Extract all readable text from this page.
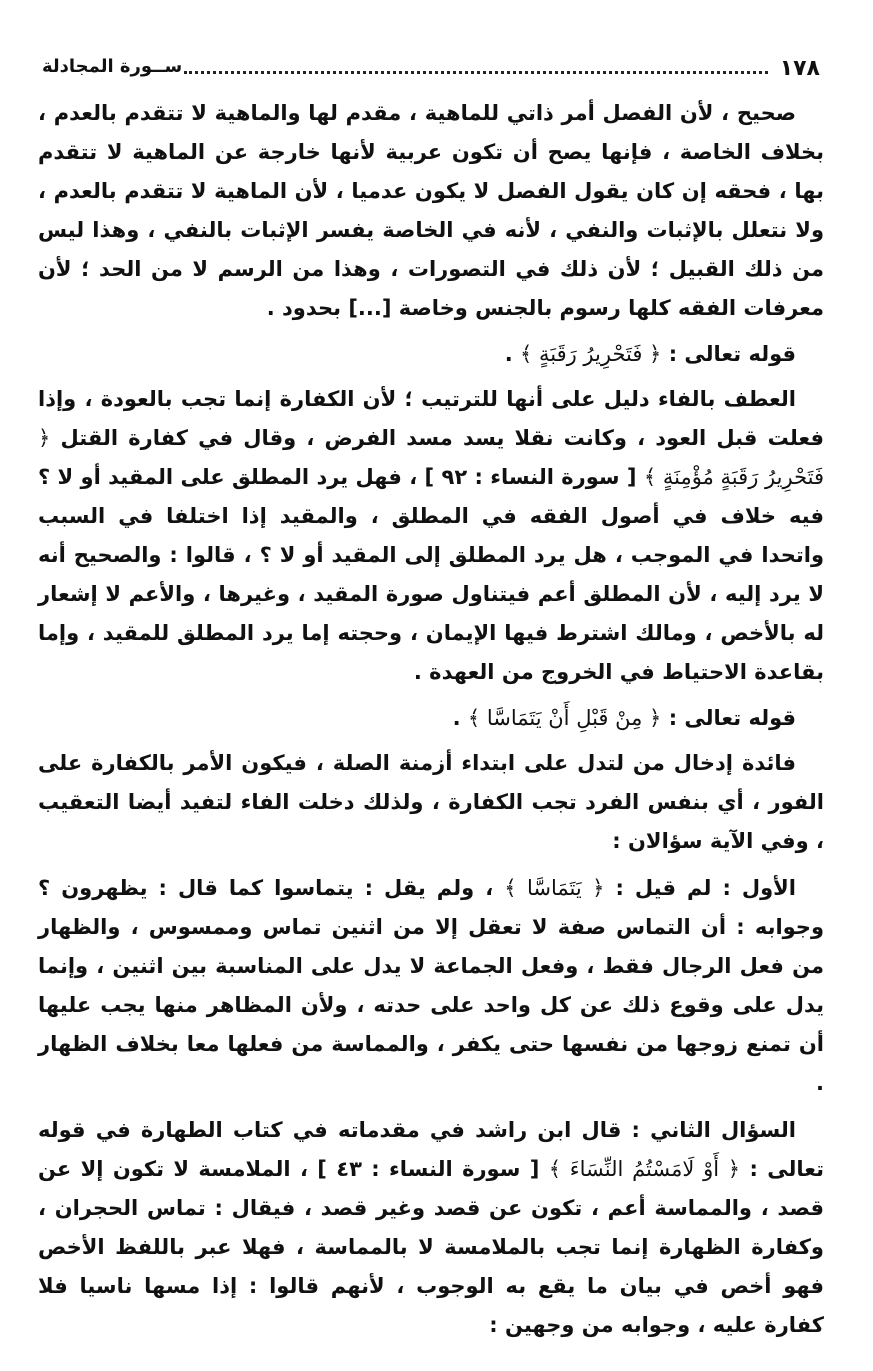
١٧٨
ســورة المجادلة

صحيح ، لأن الفصل أمر ذاتي للماهية ، مقدم لها والماهية لا تتقدم بالعدم ، بخلاف الخاصة ، فإنها يصح أن تكون عربية لأنها خارجة عن الماهية لا تتقدم بها ، فحقه إن كان يقول الفصل لا يكون عدميا ، لأن الماهية لا تتقدم بالعدم ، ولا نتعلل بالإثبات والنفي ، لأنه في الخاصة يفسر الإثبات بالنفي ، وهذا ليس من ذلك القبيل ؛ لأن ذلك في التصورات ، وهذا من الرسم لا من الحد ؛ لأن معرفات الفقه كلها رسوم بالجنس وخاصة [...] بحدود .

قوله تعالى : ﴿ فَتَحْرِيرُ رَقَبَةٍ ﴾ .

العطف بالفاء دليل على أنها للترتيب ؛ لأن الكفارة إنما تجب بالعودة ، وإذا فعلت قبل العود ، وكانت نقلا يسد مسد الفرض ، وقال في كفارة القتل ﴿ فَتَحْرِيرُ رَقَبَةٍ مُؤْمِنَةٍ ﴾ [ سورة النساء : ٩٢ ] ، فهل يرد المطلق على المقيد أو لا ؟ فيه خلاف في أصول الفقه في المطلق ، والمقيد إذا اختلفا في السبب واتحدا في الموجب ، هل يرد المطلق إلى المقيد أو لا ؟ ، قالوا : والصحيح أنه لا يرد إليه ، لأن المطلق أعم فيتناول صورة المقيد ، وغيرها ، والأعم لا إشعار له بالأخص ، ومالك اشترط فيها الإيمان ، وحجته إما يرد المطلق للمقيد ، وإما بقاعدة الاحتياط في الخروج من العهدة .

قوله تعالى : ﴿ مِنْ قَبْلِ أَنْ يَتَمَاسَّا ﴾ .

فائدة إدخال من لتدل على ابتداء أزمنة الصلة ، فيكون الأمر بالكفارة على الفور ، أي بنفس الفرد تجب الكفارة ، ولذلك دخلت الفاء لتفيد أيضا التعقيب ، وفي الآية سؤالان :

الأول : لم قيل : ﴿ يَتَمَاسَّا ﴾ ، ولم يقل : يتماسوا كما قال : يظهرون ؟ وجوابه : أن التماس صفة لا تعقل إلا من اثنين تماس وممسوس ، والظهار من فعل الرجال فقط ، وفعل الجماعة لا يدل على المناسبة بين اثنين ، وإنما يدل على وقوع ذلك عن كل واحد على حدته ، ولأن المظاهر منها يجب عليها أن تمنع زوجها من نفسها حتى يكفر ، والمماسة من فعلها معا بخلاف الظهار .

السؤال الثاني : قال ابن راشد في مقدماته في كتاب الطهارة في قوله تعالى : ﴿ أَوْ لَامَسْتُمُ النِّسَاءَ ﴾ [ سورة النساء : ٤٣ ] ، الملامسة لا تكون إلا عن قصد ، والمماسة أعم ، تكون عن قصد وغير قصد ، فيقال : تماس الحجران ، وكفارة الظهارة إنما تجب بالملامسة لا بالمماسة ، فهلا عبر باللفظ الأخص فهو أخص في بيان ما يقع به الوجوب ، لأنهم قالوا : إذا مسها ناسيا فلا كفارة عليه ، وجوابه من وجهين :
